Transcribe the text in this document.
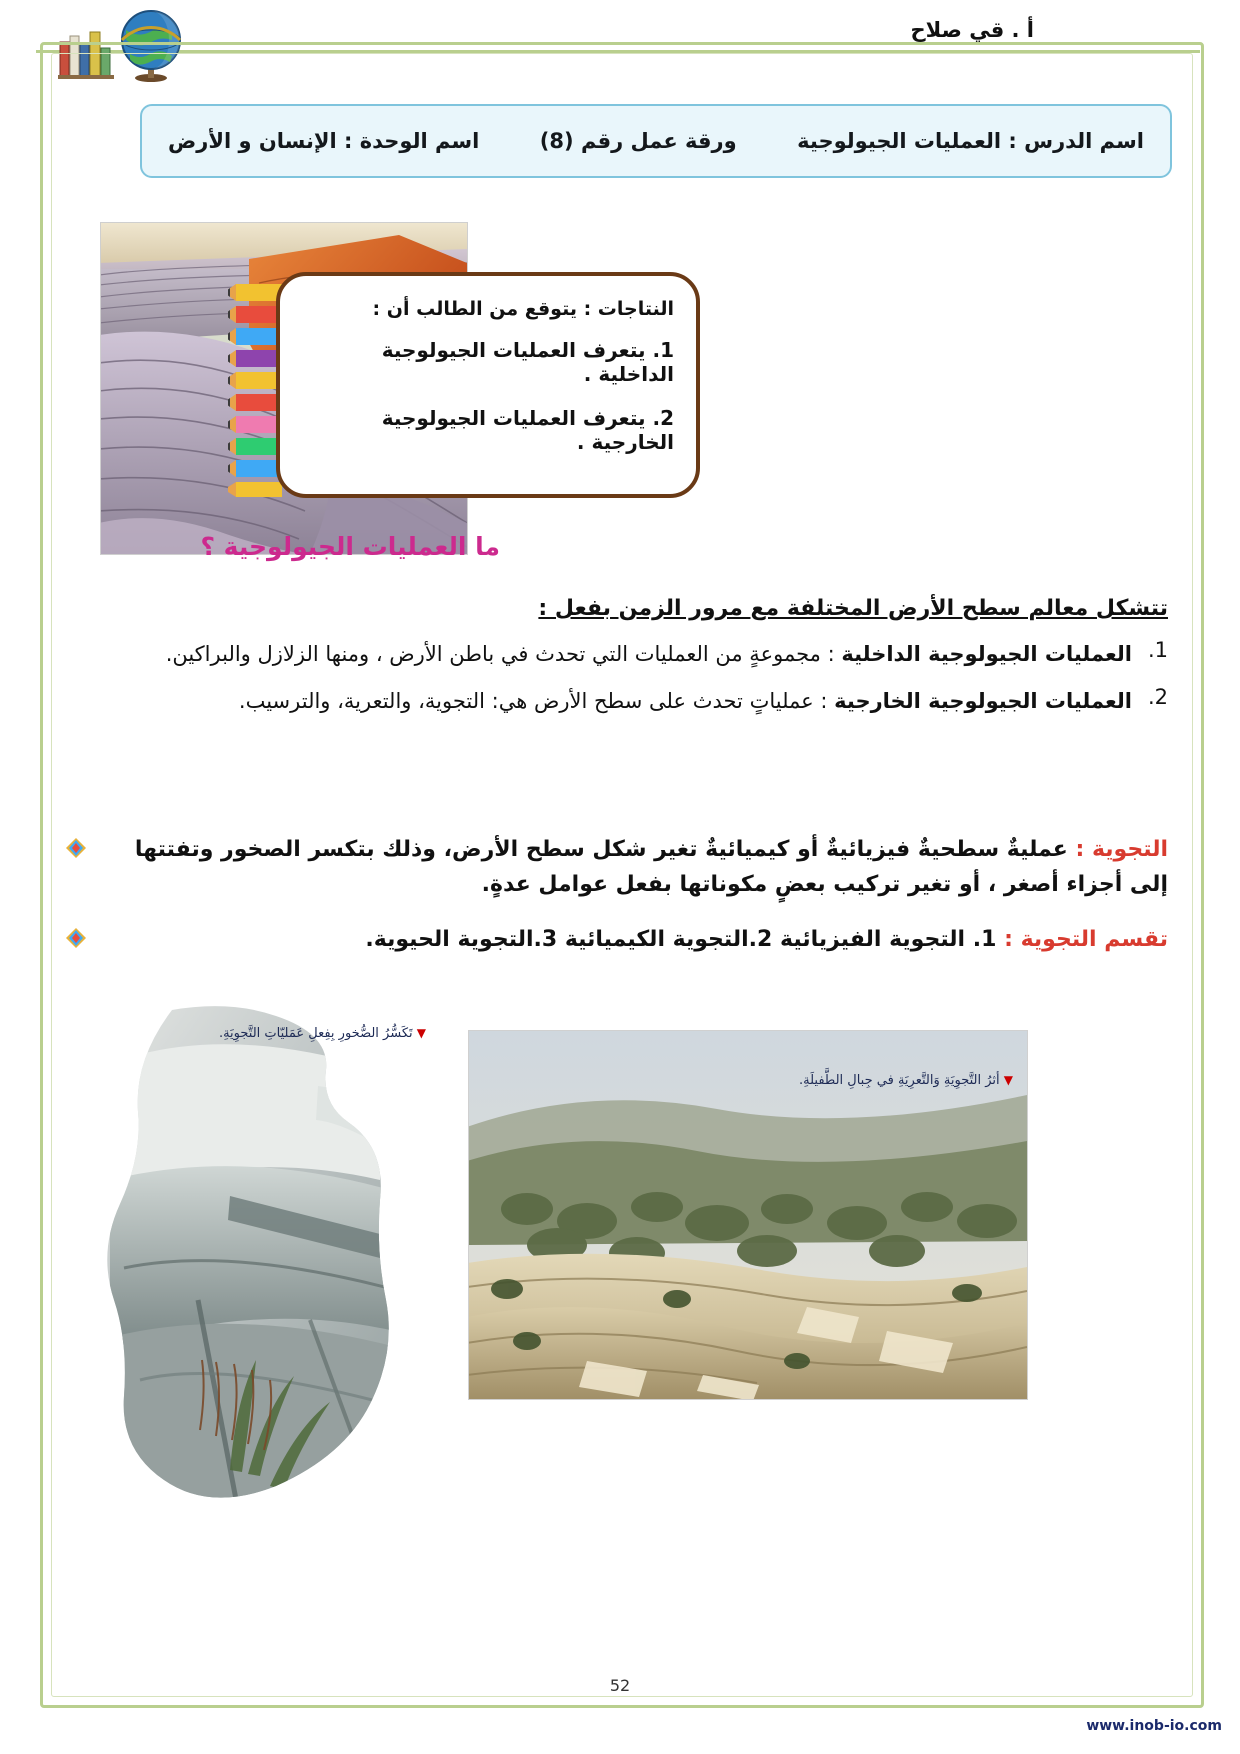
أ . قي صلاح
اسم الدرس : العمليات الجيولوجية
ورقة عمل رقم (8)
اسم الوحدة : الإنسان و الأرض
النتاجات : يتوقع من الطالب أن :
1. يتعرف العمليات الجيولوجية الداخلية .
2. يتعرف العمليات الجيولوجية الخارجية .
ما العمليات الجيولوجية ؟
تتشكل معالم سطح الأرض المختلفة مع مرور الزمن بفعل :
1.
العمليات الجيولوجية الداخلية : مجموعةٍ من العمليات التي تحدث في باطن الأرض ، ومنها الزلازل والبراكين.
2.
العمليات الجيولوجية الخارجية : عملياتٍ تحدث على سطح الأرض هي: التجوية، والتعرية، والترسيب.
التجوية : عمليةٌ سطحيةٌ فيزيائيةٌ أو كيميائيةٌ تغير شكل سطح الأرض، وذلك بتكسر الصخور وتفتتها إلى أجزاء أصغر ، أو تغير تركيب بعضٍ مكوناتها بفعل عوامل عدةٍ.
تقسم التجوية : 1. التجوية الفيزيائية 2.التجوية الكيميائية 3.التجوية الحيوية.
▼ تَكَسُّرُ الصُّخورِ بِفِعلِ عَمَليّاتِ التَّجوِيَةِ.
▼ أثرُ التَّجوِيَةِ وَالتَّعرِيَةِ في جِبالِ الطَّفيلَةِ.
52
www.inob-io.com
